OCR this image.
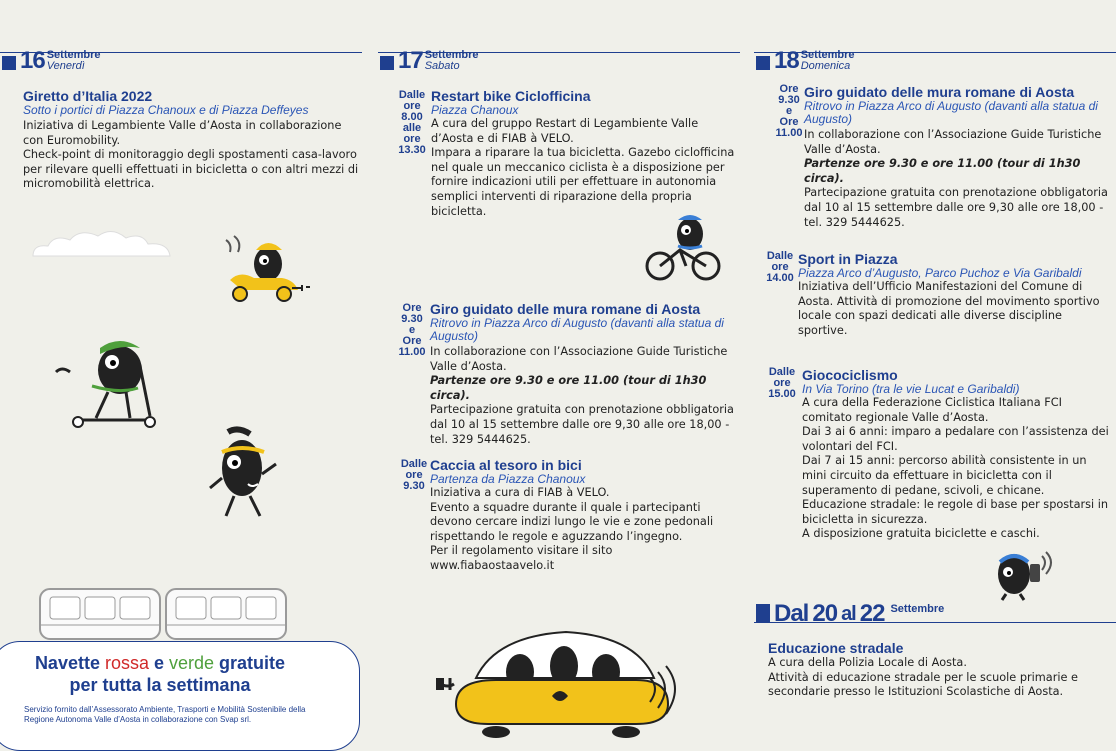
16 Settembre
Venerdì
Giretto d’Italia 2022
Sotto i portici di Piazza Chanoux e di Piazza Deffeyes

Iniziativa di Legambiente Valle d’Aosta in collaborazione con Euromobility.

Check-point di monitoraggio degli spostamenti casa-lavoro per rilevare quelli effettuati in bicicletta o con altri mezzi di micromobilità elettrica.

Navette rossa e verde gratuite
per tutta la settimana
Servizio fornito dall’Assessorato Ambiente, Trasporti e Mobilità Sostenibile della Regione Autonoma Valle d’Aosta in collaborazione con Svap srl.
17 Settembre
Sabato
Dalle
ore
8.00
alle
ore
13.30
Restart bike Ciclofficina
Piazza Chanoux

A cura del gruppo Restart di Legambiente Valle d’Aosta e di FIAB à VELO.

Impara a riparare la tua bicicletta. Gazebo ciclofficina nel quale un meccanico ciclista è a disposizione per fornire indicazioni utili per effettuare in autonomia semplici interventi di riparazione della propria bicicletta.

Ore
9.30
e
Ore
11.00
Giro guidato delle mura romane di Aosta
Ritrovo in Piazza Arco di Augusto (davanti alla statua di Augusto)

In collaborazione con l’Associazione Guide Turistiche Valle d’Aosta.

Partenze ore 9.30 e ore 11.00 (tour di 1h30 circa).

Partecipazione gratuita con prenotazione obbligatoria dal 10 al 15 settembre dalle ore 9,30 alle ore 18,00 - tel. 329 5444625.

Dalle
ore
9.30
Caccia al tesoro in bici
Partenza da Piazza Chanoux

Iniziativa a cura di FIAB à VELO.

Evento a squadre durante il quale i partecipanti devono cercare indizi lungo le vie e zone pedonali rispettando le regole e aguzzando l’ingegno.

Per il regolamento visitare il sito www.fiabaostaavelo.it

18 Settembre
Domenica
Ore
9.30
e
Ore
11.00
Giro guidato delle mura romane di Aosta
Ritrovo in Piazza Arco di Augusto (davanti alla statua di Augusto)

In collaborazione con l’Associazione Guide Turistiche Valle d’Aosta.

Partenze ore 9.30 e ore 11.00 (tour di 1h30 circa).

Partecipazione gratuita con prenotazione obbligatoria dal 10 al 15 settembre dalle ore 9,30 alle ore 18,00 - tel. 329 5444625.

Dalle
ore
14.00
Sport in Piazza
Piazza Arco d’Augusto, Parco Puchoz e Via Garibaldi

Iniziativa dell’Ufficio Manifestazioni del Comune di Aosta. Attività di promozione del movimento sportivo locale con spazi dedicati alle diverse discipline sportive.

Dalle
ore
15.00
Giocociclismo
In Via Torino (tra le vie Lucat e Garibaldi)

A cura della Federazione Ciclistica Italiana FCI comitato regionale Valle d’Aosta.

Dai 3 ai 6 anni: imparo a pedalare con l’assistenza dei volontari del FCI.

Dai 7 ai 15 anni: percorso abilità consistente in un mini circuito da effettuare in bicicletta con il superamento di pedane, scivoli, e chicane.

Educazione stradale: le regole di base per spostarsi in bicicletta in sicurezza.

A disposizione gratuita biciclette e caschi.

Dal 20 al 22 Settembre
Educazione stradale

A cura della Polizia Locale di Aosta.

Attività di educazione stradale per le scuole primarie e secondarie presso le Istituzioni Scolastiche di Aosta.
